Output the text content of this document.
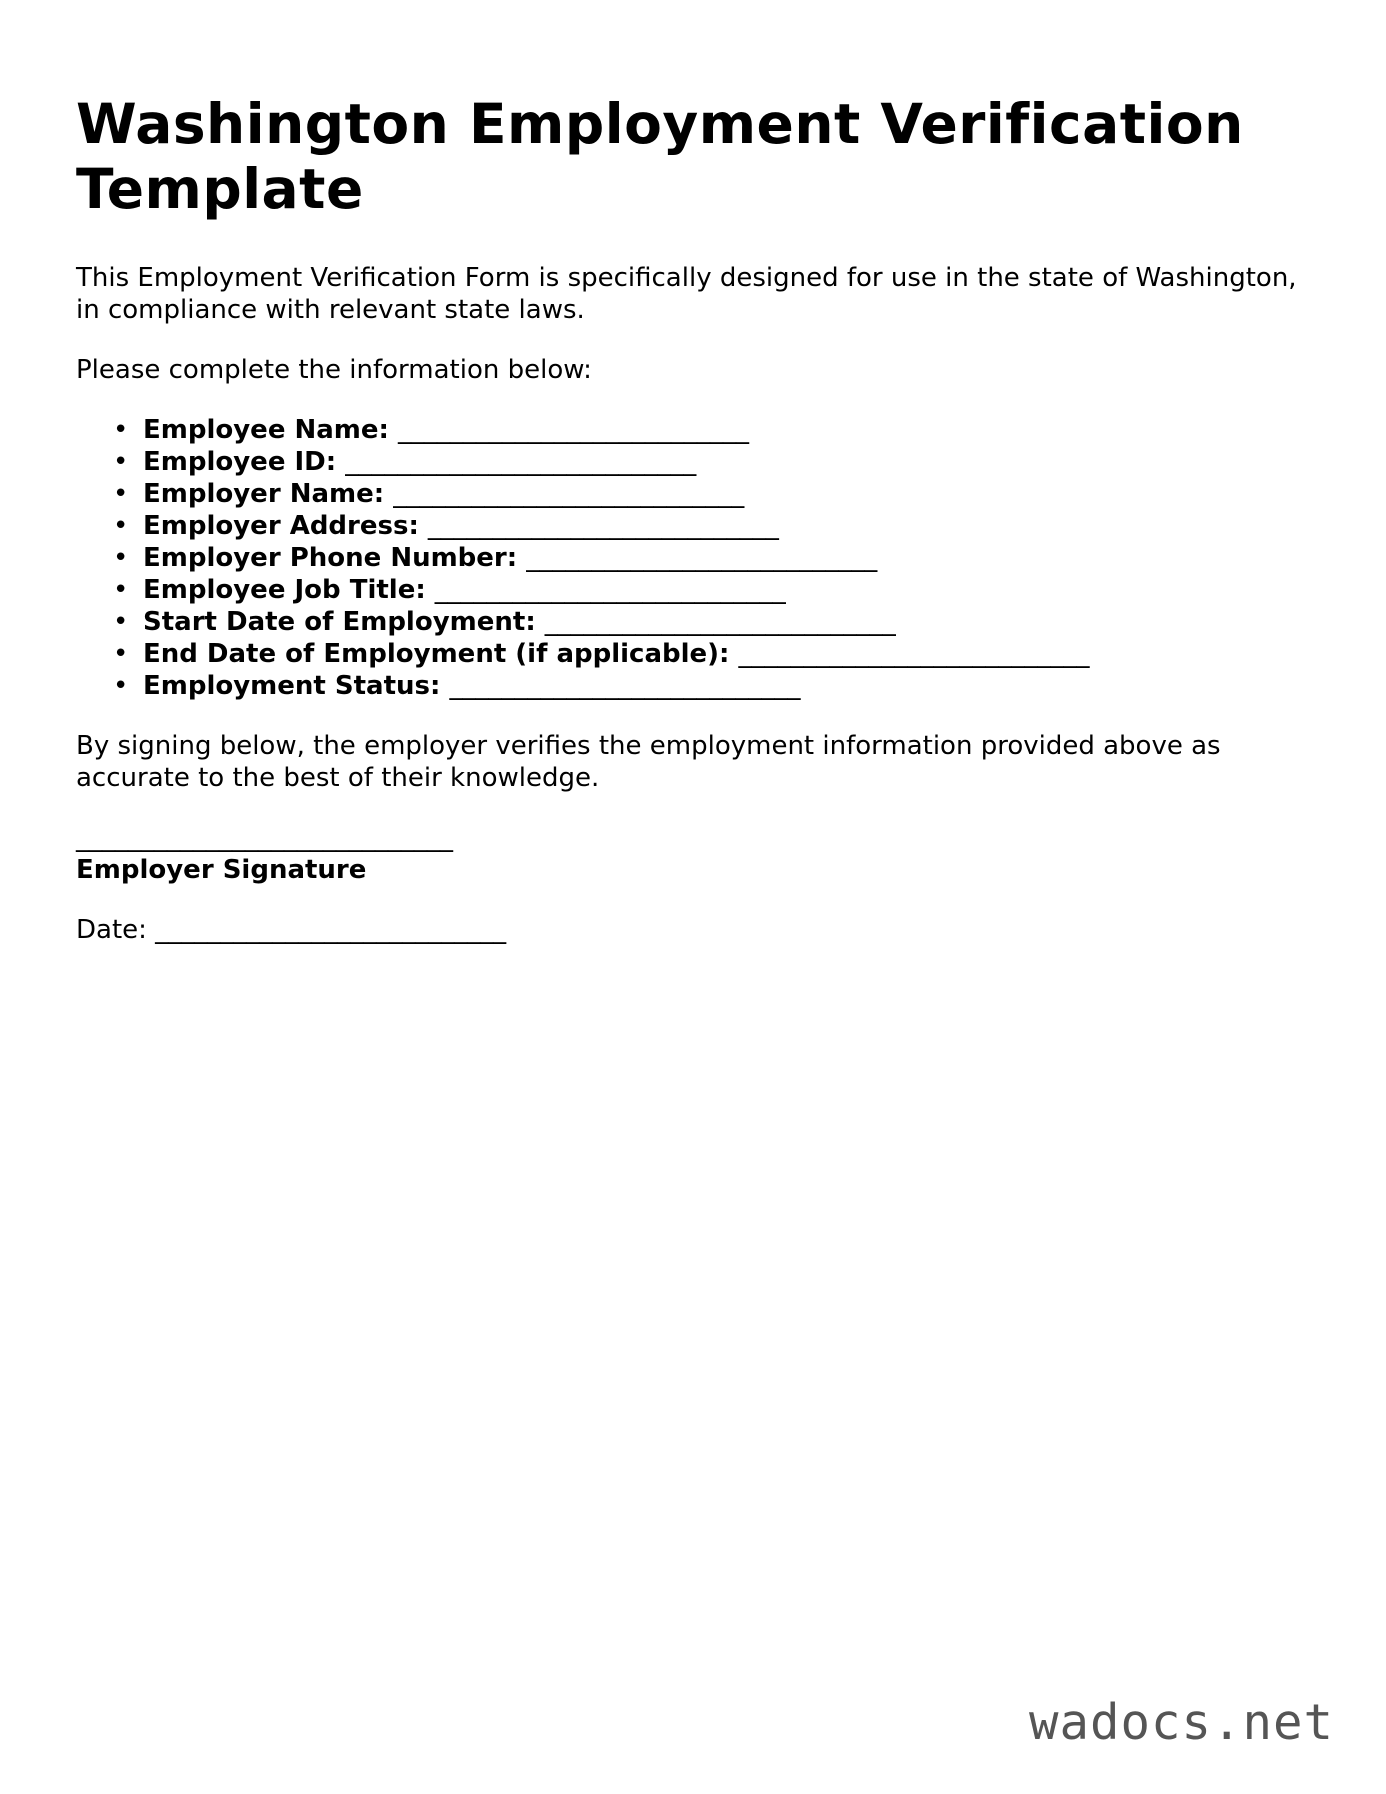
Washington Employment Verification Template

This Employment Verification Form is specifically designed for use in the state of Washington, in compliance with relevant state laws.

Please complete the information below:

• Employee Name: ___________________________
• Employee ID: ___________________________
• Employer Name: ___________________________
• Employer Address: ___________________________
• Employer Phone Number: ___________________________
• Employee Job Title: ___________________________
• Start Date of Employment: ___________________________
• End Date of Employment (if applicable): ___________________________
• Employment Status: ___________________________

By signing below, the employer verifies the employment information provided above as accurate to the best of their knowledge.

_____________________________
Employer Signature
Date: ___________________________
wadocs.net
